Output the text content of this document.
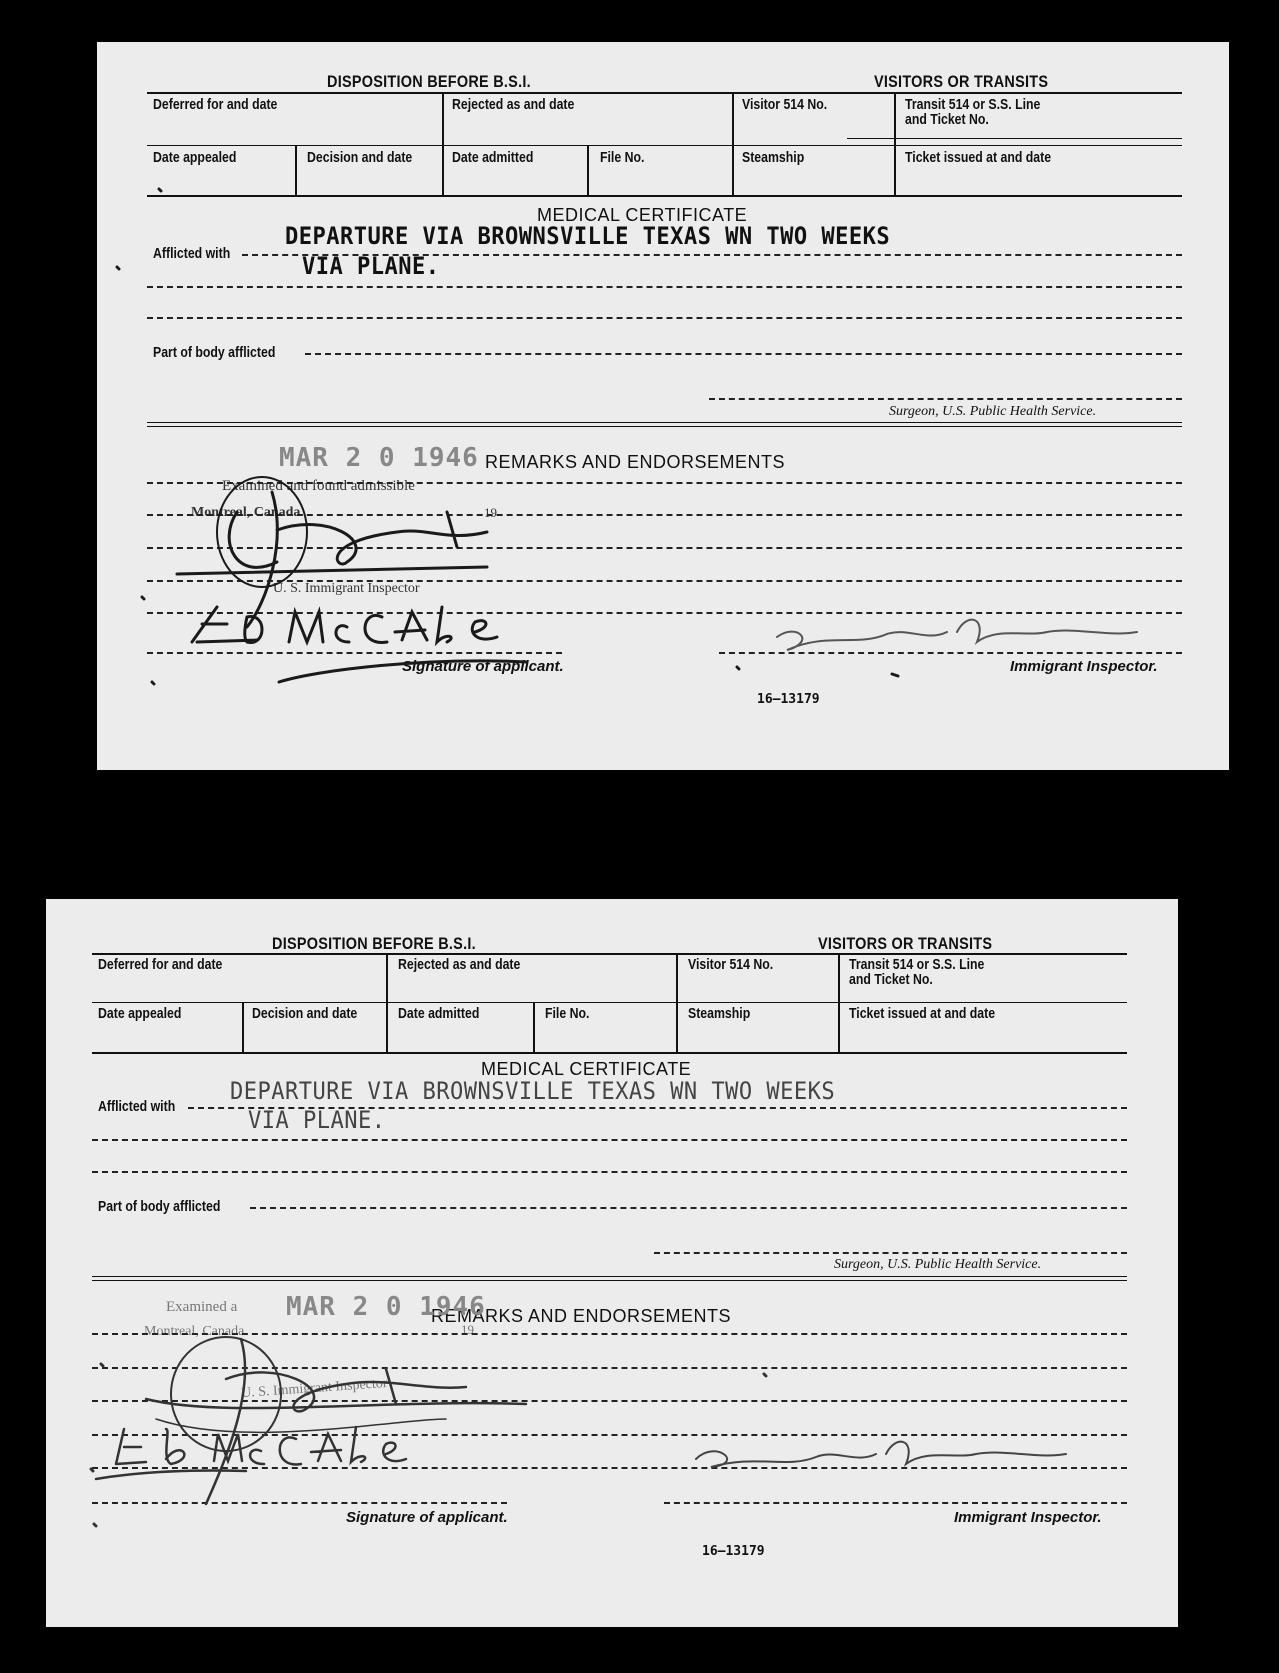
DISPOSITION BEFORE B.S.I.	VISITORS OR TRANSITS
Deferred for and date	Rejected as and date	Visitor 514 No.	Transit 514 or S.S. Line
and Ticket No.
Date appealed	Decision and date	Date admitted	File No.	Steamship	Ticket issued at and date
MEDICAL CERTIFICATE
Afflicted with
DEPARTURE VIA BROWNSVILLE TEXAS WN TWO WEEKS
VIA PLANE.
Part of body afflicted
Surgeon, U.S. Public Health Service.
REMARKS AND ENDORSEMENTS
MAR 2 0 1946
Examined and found admissible
Montreal, Canada	19
U. S. Immigrant Inspector
Signature of applicant.	Immigrant Inspector.
16—13179
DISPOSITION BEFORE B.S.I.	VISITORS OR TRANSITS
Deferred for and date	Rejected as and date	Visitor 514 No.	Transit 514 or S.S. Line
and Ticket No.
Date appealed	Decision and date	Date admitted	File No.	Steamship	Ticket issued at and date
MEDICAL CERTIFICATE
Afflicted with
DEPARTURE VIA BROWNSVILLE TEXAS WN TWO WEEKS
VIA PLANE.
Part of body afflicted
Surgeon, U.S. Public Health Service.
REMARKS AND ENDORSEMENTS
MAR 2 0 1946
Examined a
Montreal, Canada	19
U. S. Immigrant Inspector
Signature of applicant.	Immigrant Inspector.
16—13179
